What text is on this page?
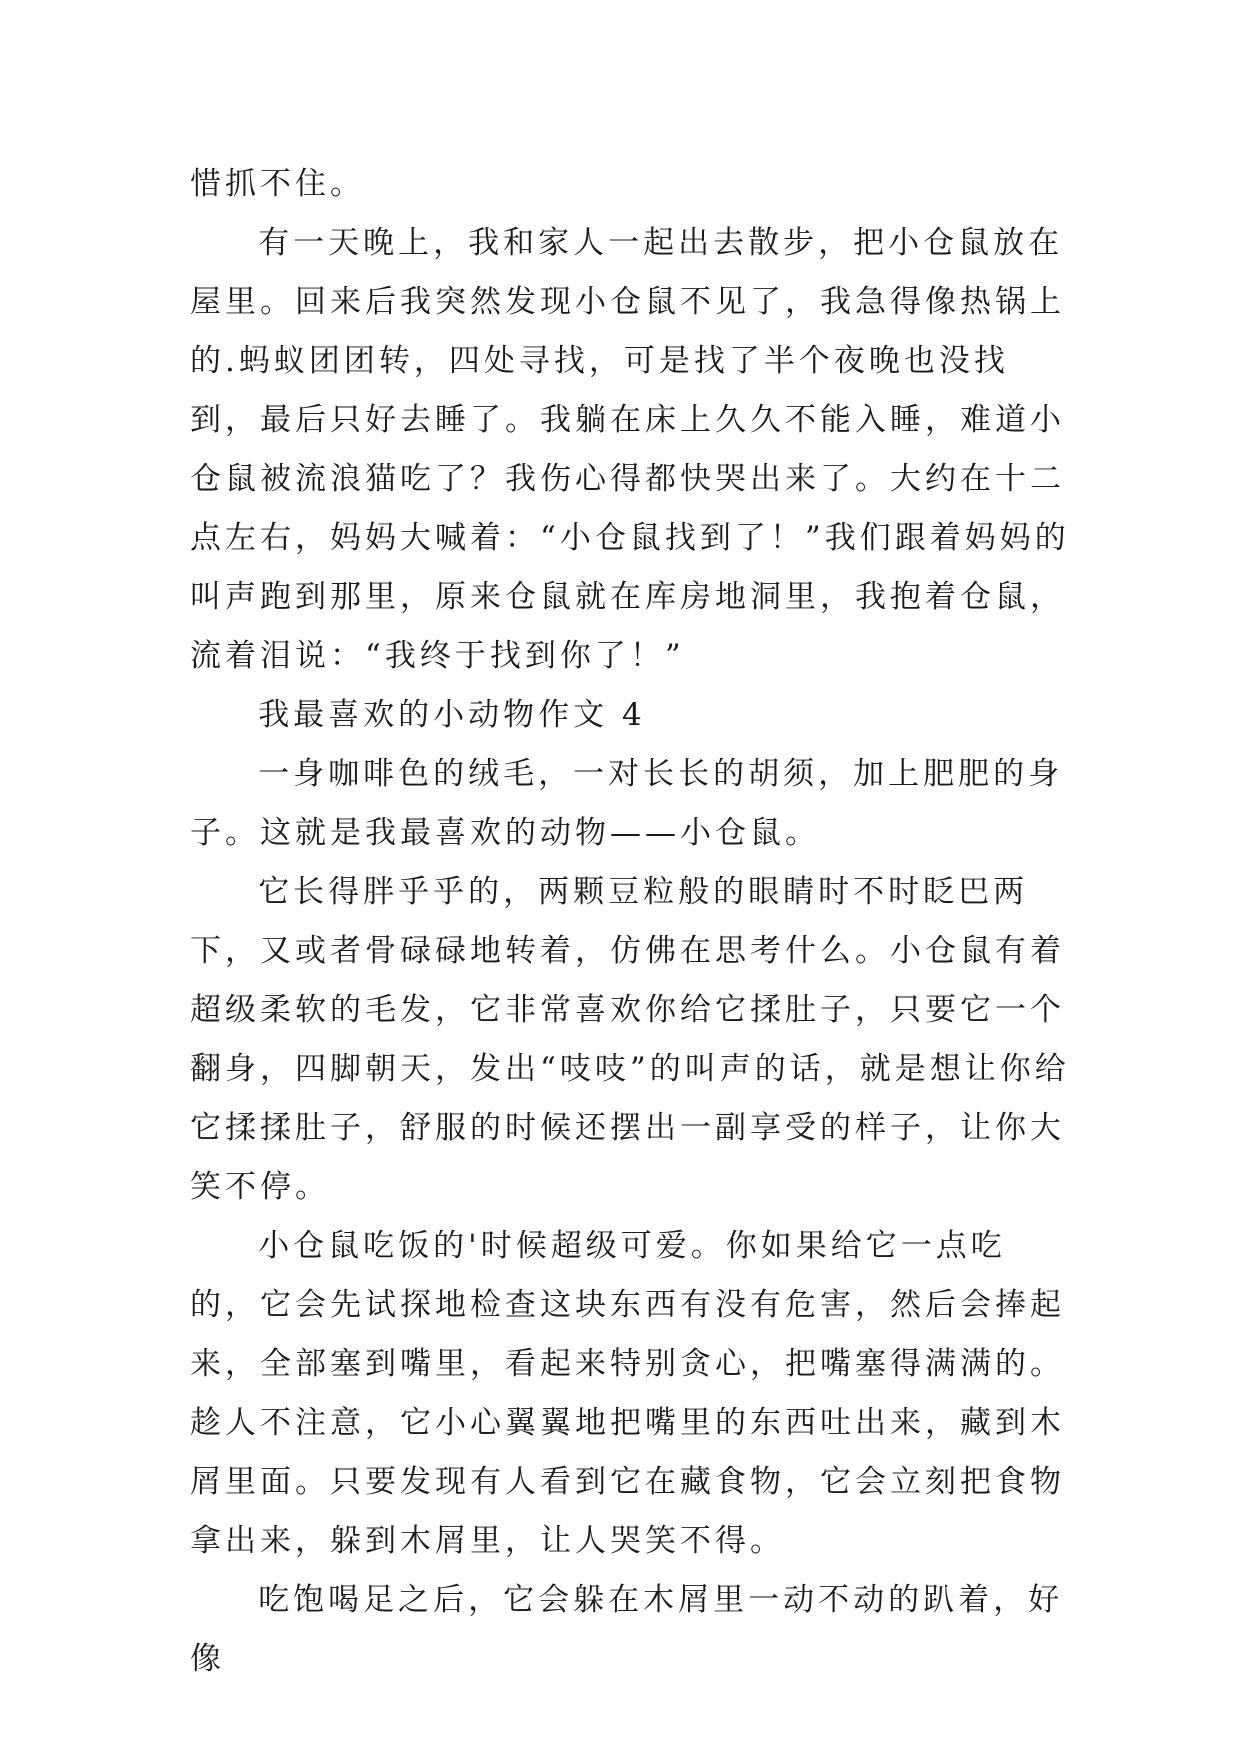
惜抓不住。

有一天晚上，我和家人一起出去散步，把小仓鼠放在屋里。回来后我突然发现小仓鼠不见了，我急得像热锅上的.蚂蚁团团转，四处寻找，可是找了半个夜晚也没找到，最后只好去睡了。我躺在床上久久不能入睡，难道小仓鼠被流浪猫吃了？我伤心得都快哭出来了。大约在十二点左右，妈妈大喊着：“小仓鼠找到了！”我们跟着妈妈的叫声跑到那里，原来仓鼠就在库房地洞里，我抱着仓鼠，流着泪说：“我终于找到你了！”

我最喜欢的小动物作文 4

一身咖啡色的绒毛，一对长长的胡须，加上肥肥的身子。这就是我最喜欢的动物——小仓鼠。

它长得胖乎乎的，两颗豆粒般的眼睛时不时眨巴两下，又或者骨碌碌地转着，仿佛在思考什么。小仓鼠有着超级柔软的毛发，它非常喜欢你给它揉肚子，只要它一个翻身，四脚朝天，发出“吱吱”的叫声的话，就是想让你给它揉揉肚子，舒服的时候还摆出一副享受的样子，让你大笑不停。

小仓鼠吃饭的'时候超级可爱。你如果给它一点吃的，它会先试探地检查这块东西有没有危害，然后会捧起来，全部塞到嘴里，看起来特别贪心，把嘴塞得满满的。趁人不注意，它小心翼翼地把嘴里的东西吐出来，藏到木屑里面。只要发现有人看到它在藏食物，它会立刻把食物拿出来，躲到木屑里，让人哭笑不得。

吃饱喝足之后，它会躲在木屑里一动不动的趴着，好像
